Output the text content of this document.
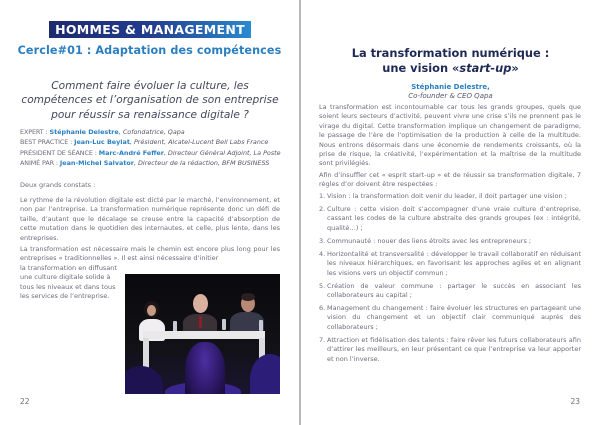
HOMMES & MANAGEMENT
Cercle#01 : Adaptation des compétences
Comment faire évoluer la culture, les compétences et l’organisation de son entreprise pour réussir sa renaissance digitale ?
EXPERT : Stéphanie Delestre, Cofondatrice, Qapa
BEST PRACTICE : Jean-Luc Beylat, Président, Alcatel-Lucent Bell Labs France
PRÉSIDENT DE SÉANCE : Marc-André Feffer, Directeur Général Adjoint, La Poste
ANIMÉ PAR : Jean-Michel Salvator, Directeur de la rédaction, BFM BUSINESS
Deux grands constats :
Le rythme de la révolution digitale est dicté par le marché, l’environnement, et non par l’entreprise. La transformation numérique représente donc un défi de taille, d’autant que le décalage se creuse entre la capacité d’absorption de cette mutation dans le quotidien des internautes, et celle, plus lente, dans les entreprises.
La transformation est nécessaire mais le chemin est encore plus long pour les entreprises « traditionnelles ». Il est ainsi nécessaire d’initier
la transformation en diffusant une culture digitale solide à tous les niveaux et dans tous les services de l’entreprise.
22
La transformation numérique :
une vision «start-up»
Stéphanie Delestre,
Co-founder & CEO Qapa
La transformation est incontournable car tous les grands groupes, quels que soient leurs secteurs d’activité, peuvent vivre une crise s’ils ne prennent pas le virage du digital. Cette transformation implique un changement de paradigme, le passage de l’ère de l’optimisation de la production à celle de la multitude. Nous entrons désormais dans une économie de rendements croissants, où la prise de risque, la créativité, l’expérimentation et la maîtrise de la multitude sont privilégiés.
Afin d’insuffler cet « esprit start-up » et de réussir sa transformation digitale, 7 règles d’or doivent être respectées :
1. Vision : la transformation doit venir du leader, il doit partager une vision ;
2. Culture : cette vision doit s’accompagner d’une vraie culture d’entreprise, cassant les codes de la culture abstraite des grands groupes (ex : intégrité, qualité…) ;
3. Communauté : nouer des liens étroits avec les entrepreneurs ;
4. Horizontalité et transversalité : développer le travail collaboratif en réduisant les niveaux hiérarchiques, en favorisant les approches agiles et en alignant les visions vers un objectif commun ;
5. Création de valeur commune : partager le succès en associant les collaborateurs au capital ;
6. Management du changement : faire évoluer les structures en partageant une vision du changement et un objectif clair communiqué auprès des collaborateurs ;
7. Attraction et fidélisation des talents : faire rêver les futurs collaborateurs afin d’attirer les meilleurs, en leur présentant ce que l’entreprise va leur apporter et non l’inverse.
23
